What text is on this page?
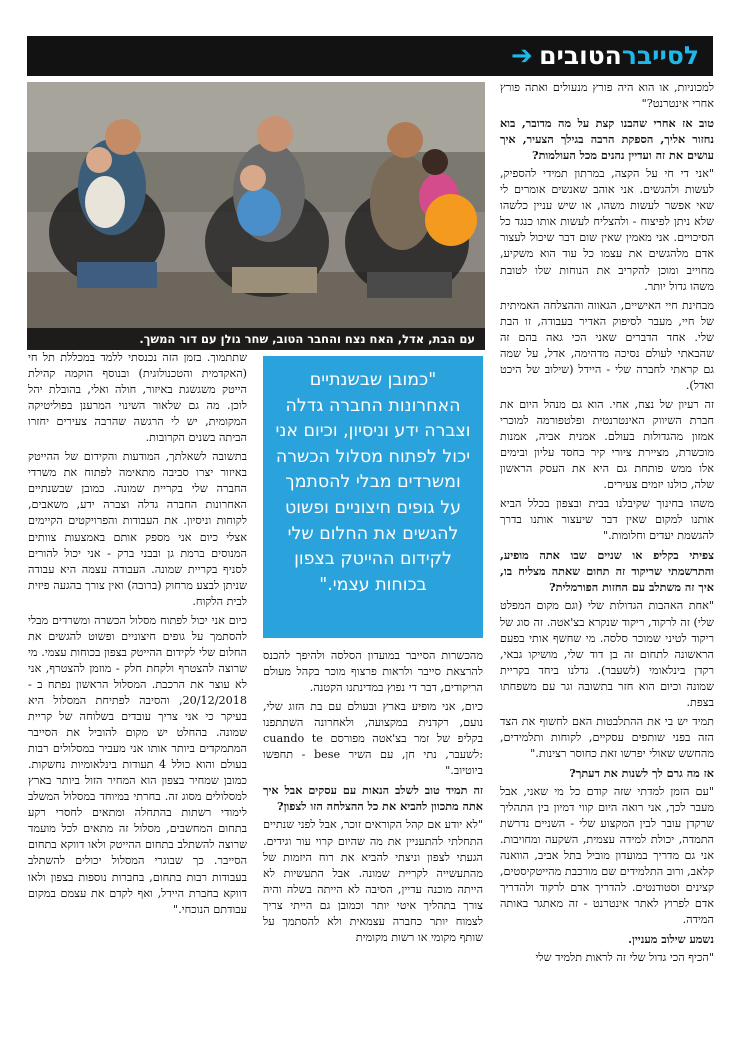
לסייברהטובים
➔

למכוניות, או הוא היה פורץ מנעולים ואתה פורץ אחרי אינטרנט?"

טוב אז אחרי שהבנו קצת על מה מדובר, בוא נחזור אליך, הספקת הרבה בגילך הצעיר, איך עושים את זה ועדיין נהנים מכל העולמות?

"אני די חי על הקצה, במרתון תמידי להספיק, לעשות ולהגשים. אני אוהב שאנשים אומרים לי שאי אפשר לעשות משהו, או שיש עניין כלשהו שלא ניתן לפיצוח - ולהצליח לעשות אותו כנגד כל הסיכויים. אני מאמין שאין שום דבר שיכול לעצור אדם מלהגשים את עצמו כל עוד הוא משקיע, מחוייב ומוכן להקריב את הנוחות שלו לטובת משהו גדול יותר.

מבחינת חיי האישיים, הגאווה וההצלחה האמיתית של חיי, מעבר לסיפוק האדיר בעבודה, זו הבת שלי. אחד הדברים שאני הכי גאה בהם זה שהבאתי לעולם נסיכה מדהימה, אדל, על שמה גם קראתי לחברה שלי - היידל (שילוב של היכט ואדל).

זה רעיון של נצח, אחי. הוא גם מנהל היום את חברת השיווק האינטרנטית ופלטפורמה למוכרי אמזון מהגדולות בעולם. אמנית אביה, אמנות מוכשרת, מציירת ציורי קיר בחסד עליון ובימים אלו ממש פותחת גם היא את העסק הראשון שלה, כולנו יזמים צעירים.

משהו בחינוך שקיבלנו בבית ובצפון בכלל הביא אותנו למקום שאין דבר שיעצור אותנו בדרך להגשמת יעדים וחלומות."

צפיתי בקליפ או שניים שבו אתה מופיע, והתרשמתי שריקוד זה תחום שאתה מצליח בו, איך זה משתלב עם החזות הפורמלית?

"אחת האהבות הגדולות שלי (וגם מקום המפלט שלי) זה לרקוד, ריקוד שנקרא בצ'אטה. זה סוג של ריקוד לטיני שמוכר סלסה. מי שחשף אותי בפעם הראשונה לתחום זה בן דוד שלי, מושיקו גבאי, רקדן בינלאומי (לשעבר). גדלנו ביחד בקריית שמונה וכיום הוא חזר בתשובה וגר עם משפחתו בצפת.

תמיד יש בי את ההתלבטות האם לחשוף את הצד הזה בפני שותפים עסקיים, לקוחות ותלמידים, מהחשש שאולי יפרשו זאת כחוסר רצינות."

אז מה גרם לך לשנות את דעתך?

"עם הזמן למדתי שזה קודם כל מי שאני, אבל מעבר לכך, אני רואה היום קווי דמיון בין התהליך שרקדן עובר לבין המקצוע שלי - השניים נדרשת התמדה, יכולת למידה עצמית, השקעה ומחויבות. אני גם מדריך במועדון מוביל בתל אביב, הוואנה קלאב, ורוב התלמידים שם מורכבת מהייטקיסטים, קצינים וסטודנטים. להדריך אדם לרקוד ולהדריך אדם לפרוץ לאתר אינטרנט - זה מאתגר באותה המידה.

נשמע שילוב מעניין.

"הכיף הכי גדול שלי זה לראות תלמיד שלי

עם הבת, אדל, האח נצח והחבר הטוב, שחר גולן עם דור המשך.
"כמובן שבשנתיים האחרונות החברה גדלה וצברה ידע וניסיון, וכיום אני יכול לפתוח מסלול הכשרה ומשרדים מבלי להסתמך על גופים חיצוניים ופשוט להגשים את החלום שלי לקידום ההייטק בצפון בכוחות עצמי."

מהכשרות הסייבר במועדון הסלסה ולהיפך להכנס להרצאת סייבר ולראות פרצוף מוכר בקהל מעולם הריקודים, דבר די נפוץ במדינתנו הקטנה.

כיום, אני מופיע בארץ ובעולם עם בת הזוג שלי, נועם, רקדנית במקצועה, ולאחרונה השתתפנו בקליפ של זמר בצ'אטה מפורסם cuando te :לשעבר, נתי חן, עם השיר bese - תחפשו ביוטיוב."

זה תמיד טוב לשלב הנאות עם עסקים אבל איך אתה מתכוון להביא את כל ההצלחה הזו לצפון?

"לא יודע אם קהל הקוראים זוכר, אבל לפני שנתיים התחלתי להתעניין את מה שהיום קרוי עור וגידים. הגעתי לצפון וניצתי להביא את רוח היזמות של מהתעשייה לקריית שמונה. אבל התעשיות לא הייתה מוכנה עדיין, הסיבה לא הייתה בשלה והיה צורך בתהליך איטי יותר וכמובן גם הייתי צריך לצמוח יותר כחברה עצמאית ולא להסתמך על שותף מקומי או רשות מקומית

שתתמוך. בזמן הזה נכנסתי ללמד במכללת תל חי (האקדמית והטכנולוגית) ובנוסף הוקמה קהילת הייטק משגשגת באיזור, חולה ואלי, בהובלת יהל לוכן. מה גם שלאור השינוי המרענן בפוליטיקה המקומית, יש לי הרגשה שהרבה צעירים יחזרו הביתה בשנים הקרובות.

בתשובה לשאלתך, המודעות והקידום של ההייטק באיזור יצרו סביבה מתאימה לפתוח את משרדי החברה שלי בקריית שמונה. כמובן שבשנתיים האחרונות החברה גדלה וצברה ידע, משאבים, לקוחות וניסיון. את העבודות והפרויקטים הקיימים אצלי כיום אני מספק אותם באמצעות צוותים המנוסים ברמת גן ובבני ברק - אני יכול להורים לסניף בקריית שמונה. העבודה עצמה היא עבודה שניתן לבצע מרחוק (ברובה) ואין צורך בהגעה פיזית לבית הלקוח.

כיום אני יכול לפתוח מסלול הכשרה ומשרדים מבלי להסתמך על גופים חיצוניים ופשוט להגשים את החלום שלי לקידום ההייטק בצפון בכוחות עצמי. מי שרוצה להצטרף ולקחת חלק - מוזמן להצטרף, אני לא עוצר את הרכבת. המסלול הראשון נפתח ב - 20/12/2018, והסיבה לפתיחת המסלול היא בעיקר כי אני צריך עובדים בשלוחה של קריית שמונה. בהחלט יש מקום להוביל את הסייבר המתמקדים ביותר אותו אני מעביר במסלולים רבות בעולם והוא כולל 4 תעודות בינלאומיות נחשקות. כמובן שמחיר בצפון הוא המחיר הזול ביותר בארץ למסלולים מסוג זה. בחרתי במיוחד במסלול המשלב לימודי רשתות בהתחלה ומתאים לחסרי רקע בתחום המחשבים, מסלול זה מתאים לכל מועמד שרוצה להשתלב בתחום ההייטק ולאו דווקא בתחום הסייבר. כך שבוגרי המסלול יכולים להשתלב בעבודות רבות בתחום, בחברות נוספות בצפון ולאו דווקא בחברת היידל, ואף לקדם את עצמם במקום עבודתם הנוכחי."
